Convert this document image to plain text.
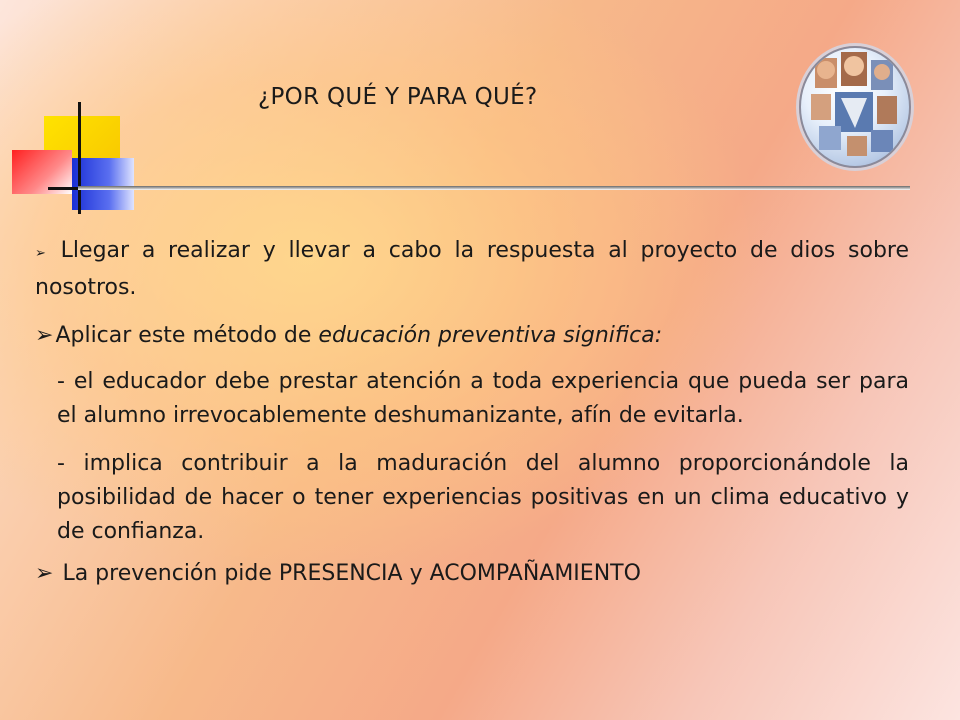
¿POR QUÉ Y PARA QUÉ?

➢ Llegar a realizar y llevar a cabo la respuesta al proyecto de dios sobre nosotros.

➢Aplicar este método de educación preventiva significa:

- el educador debe prestar atención a toda experiencia que pueda ser para el alumno irrevocablemente deshumanizante, afín de evitarla.

- implica contribuir a la maduración del alumno proporcionándole la posibilidad de hacer o tener experiencias positivas en un clima educativo y de confianza.

➢ La prevención pide PRESENCIA y ACOMPAÑAMIENTO
